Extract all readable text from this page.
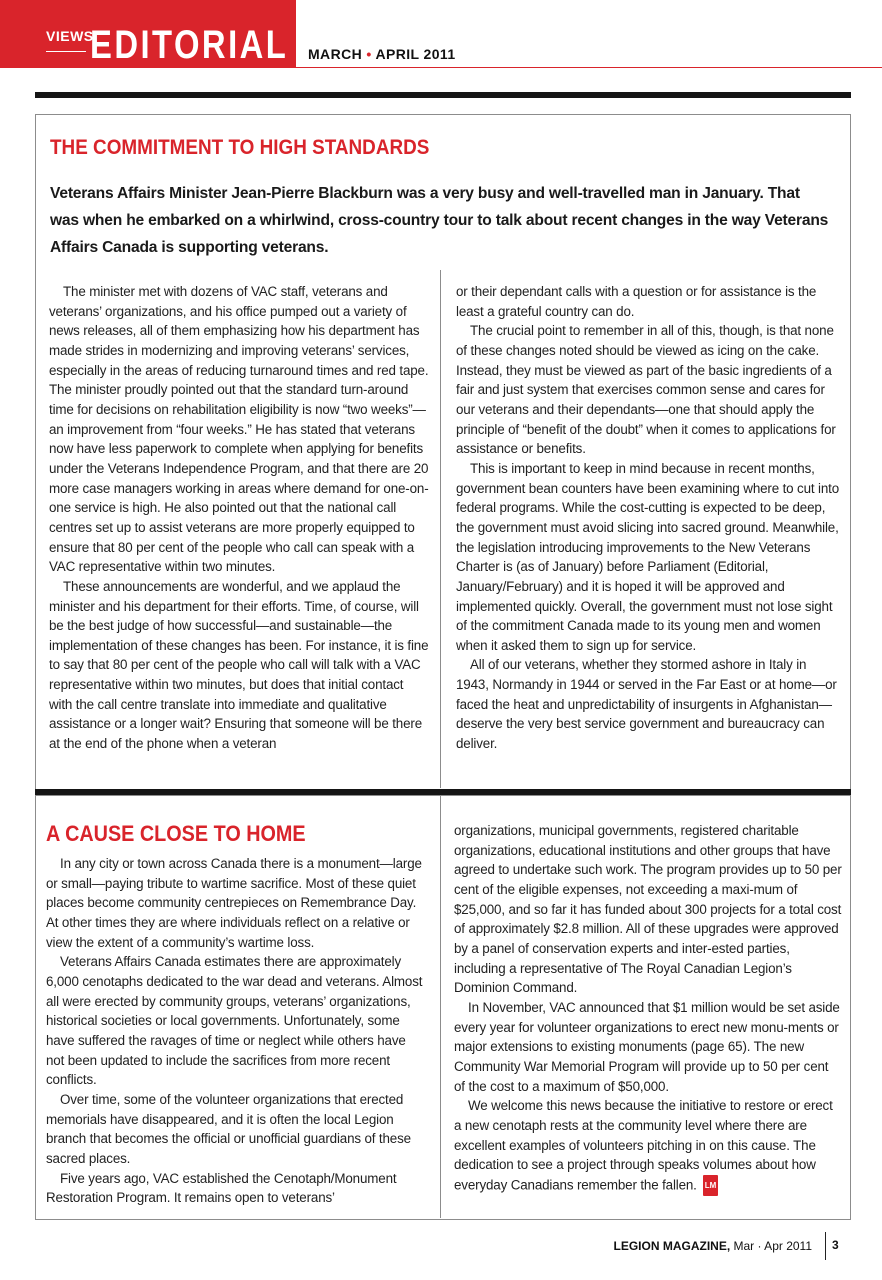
VIEWS
EDITORIAL MARCH • APRIL 2011
THE COMMITMENT TO HIGH STANDARDS
Veterans Affairs Minister Jean-Pierre Blackburn was a very busy and well-travelled man in January. That was when he embarked on a whirlwind, cross-country tour to talk about recent changes in the way Veterans Affairs Canada is supporting veterans.

The minister met with dozens of VAC staff, veterans and veterans’ organizations, and his office pumped out a variety of news releases, all of them emphasizing how his department has made strides in modernizing and improving veterans’ services, especially in the areas of reducing turnaround times and red tape. The minister proudly pointed out that the standard turn-around time for decisions on rehabilitation eligibility is now “two weeks”—an improvement from “four weeks.” He has stated that veterans now have less paperwork to complete when applying for benefits under the Veterans Independence Program, and that there are 20 more case managers working in areas where demand for one-on-one service is high. He also pointed out that the national call centres set up to assist veterans are more properly equipped to ensure that 80 per cent of the people who call can speak with a VAC representative within two minutes.

These announcements are wonderful, and we applaud the minister and his department for their efforts. Time, of course, will be the best judge of how successful—and sustainable—the implementation of these changes has been. For instance, it is fine to say that 80 per cent of the people who call will talk with a VAC representative within two minutes, but does that initial contact with the call centre translate into immediate and qualitative assistance or a longer wait? Ensuring that someone will be there at the end of the phone when a veteran

or their dependant calls with a question or for assistance is the least a grateful country can do.

The crucial point to remember in all of this, though, is that none of these changes noted should be viewed as icing on the cake. Instead, they must be viewed as part of the basic ingredients of a fair and just system that exercises common sense and cares for our veterans and their dependants—one that should apply the principle of “benefit of the doubt” when it comes to applications for assistance or benefits.

This is important to keep in mind because in recent months, government bean counters have been examining where to cut into federal programs. While the cost-cutting is expected to be deep, the government must avoid slicing into sacred ground. Meanwhile, the legislation introducing improvements to the New Veterans Charter is (as of January) before Parliament (Editorial, January/February) and it is hoped it will be approved and implemented quickly. Overall, the government must not lose sight of the commitment Canada made to its young men and women when it asked them to sign up for service.

All of our veterans, whether they stormed ashore in Italy in 1943, Normandy in 1944 or served in the Far East or at home—or faced the heat and unpredictability of insurgents in Afghanistan—deserve the very best service government and bureaucracy can deliver.

A CAUSE CLOSE TO HOME

In any city or town across Canada there is a monument—large or small—paying tribute to wartime sacrifice. Most of these quiet places become community centrepieces on Remembrance Day. At other times they are where individuals reflect on a relative or view the extent of a community’s wartime loss.

Veterans Affairs Canada estimates there are approximately 6,000 cenotaphs dedicated to the war dead and veterans. Almost all were erected by community groups, veterans’ organizations, historical societies or local governments. Unfortunately, some have suffered the ravages of time or neglect while others have not been updated to include the sacrifices from more recent conflicts.

Over time, some of the volunteer organizations that erected memorials have disappeared, and it is often the local Legion branch that becomes the official or unofficial guardians of these sacred places.

Five years ago, VAC established the Cenotaph/Monument Restoration Program. It remains open to veterans’

organizations, municipal governments, registered charitable organizations, educational institutions and other groups that have agreed to undertake such work. The program provides up to 50 per cent of the eligible expenses, not exceeding a maxi-mum of $25,000, and so far it has funded about 300 projects for a total cost of approximately $2.8 million. All of these upgrades were approved by a panel of conservation experts and inter-ested parties, including a representative of The Royal Canadian Legion’s Dominion Command.

In November, VAC announced that $1 million would be set aside every year for volunteer organizations to erect new monu-ments or major extensions to existing monuments (page 65). The new Community War Memorial Program will provide up to 50 per cent of the cost to a maximum of $50,000.

We welcome this news because the initiative to restore or erect a new cenotaph rests at the community level where there are excellent examples of volunteers pitching in on this cause. The dedication to see a project through speaks volumes about how everyday Canadians remember the fallen. LM

LEGION MAGAZINE, Mar · Apr 2011 3
